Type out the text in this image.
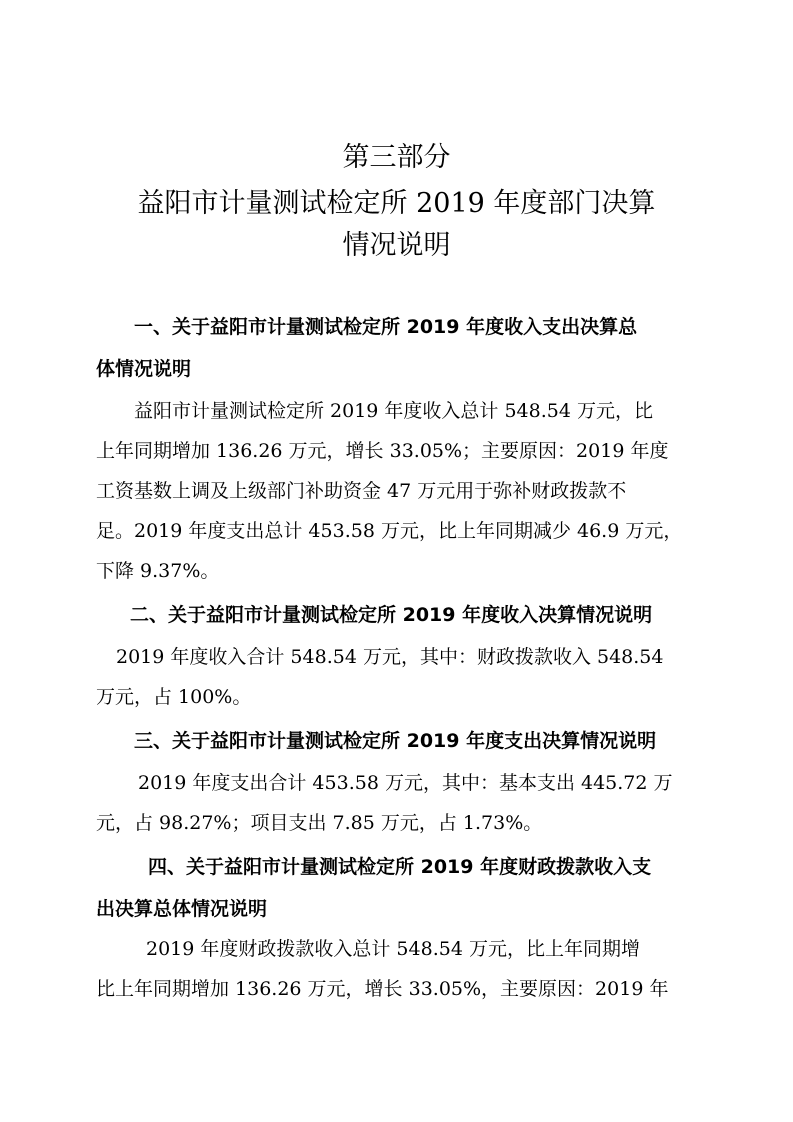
第三部分
益阳市计量测试检定所 2019 年度部门决算
情况说明
一、关于益阳市计量测试检定所 2019 年度收入支出决算总
体情况说明
益阳市计量测试检定所 2019 年度收入总计 548.54 万元，比
上年同期增加 136.26 万元，增长 33.05%；主要原因：2019 年度
工资基数上调及上级部门补助资金 47 万元用于弥补财政拨款不
足。2019 年度支出总计 453.58 万元，比上年同期减少 46.9 万元，
下降 9.37%。
二、关于益阳市计量测试检定所 2019 年度收入决算情况说明
2019 年度收入合计 548.54 万元，其中：财政拨款收入 548.54
万元，占 100%。
三、关于益阳市计量测试检定所 2019 年度支出决算情况说明
2019 年度支出合计 453.58 万元，其中：基本支出 445.72 万
元，占 98.27%；项目支出 7.85 万元，占 1.73%。
四、关于益阳市计量测试检定所 2019 年度财政拨款收入支
出决算总体情况说明
2019 年度财政拨款收入总计 548.54 万元，比上年同期增
比上年同期增加 136.26 万元，增长 33.05%，主要原因：2019 年
